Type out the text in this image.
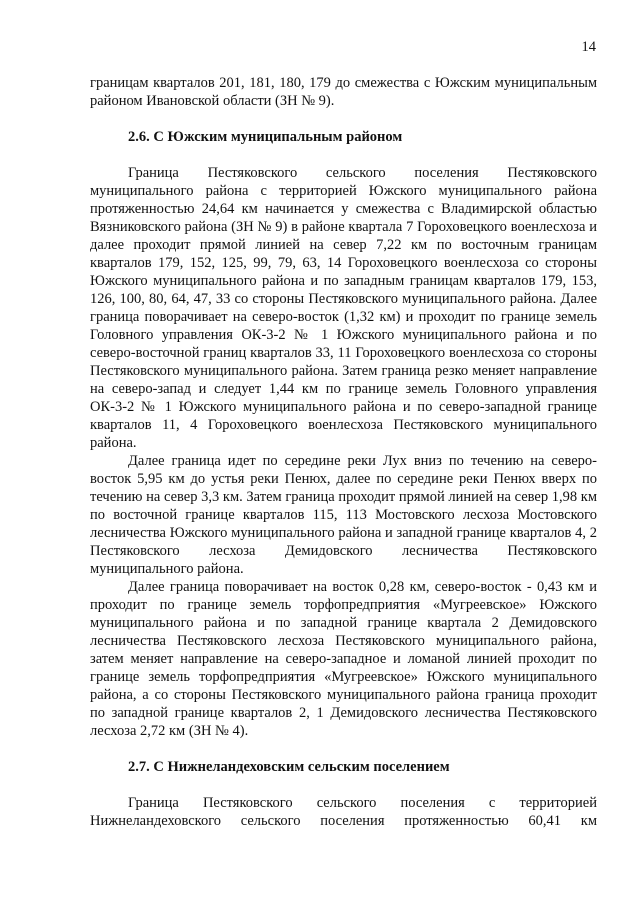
14

границам кварталов 201, 181, 180, 179 до смежества с Южским муниципальным районом Ивановской области (ЗН № 9).

2.6. С Южским муниципальным районом

Граница Пестяковского сельского поселения Пестяковского муниципального района с территорией Южского муниципального района протяженностью 24,64 км начинается у смежества с Владимирской областью Вязниковского района (ЗН № 9) в районе квартала 7 Гороховецкого военлесхоза и далее проходит прямой линией на север 7,22 км по восточным границам кварталов 179, 152, 125, 99, 79, 63, 14 Гороховецкого военлесхоза со стороны Южского муниципального района и по западным границам кварталов 179, 153, 126, 100, 80, 64, 47, 33 со стороны Пестяковского муниципального района. Далее граница поворачивает на северо-восток (1,32 км) и проходит по границе земель Головного управления ОК-3-2 № 1 Южского муниципального района и по северо-восточной границ кварталов 33, 11 Гороховецкого военлесхоза со стороны Пестяковского муниципального района. Затем граница резко меняет направление на северо-запад и следует 1,44 км по границе земель Головного управления ОК-3-2 № 1 Южского муниципального района и по северо-западной границе кварталов 11, 4 Гороховецкого военлесхоза Пестяковского муниципального района.

Далее граница идет по середине реки Лух вниз по течению на северо-восток 5,95 км до устья реки Пенюх, далее по середине реки Пенюх вверх по течению на север 3,3 км. Затем граница проходит прямой линией на север 1,98 км по восточной границе кварталов 115, 113 Мостовского лесхоза Мостовского лесничества Южского муниципального района и западной границе кварталов 4, 2 Пестяковского лесхоза Демидовского лесничества Пестяковского муниципального района.

Далее граница поворачивает на восток 0,28 км, северо-восток - 0,43 км и проходит по границе земель торфопредприятия «Мугреевское» Южского муниципального района и по западной границе квартала 2 Демидовского лесничества Пестяковского лесхоза Пестяковского муниципального района, затем меняет направление на северо-западное и ломаной линией проходит по границе земель торфопредприятия «Мугреевское» Южского муниципального района, а со стороны Пестяковского муниципального района граница проходит по западной границе кварталов 2, 1 Демидовского лесничества Пестяковского лесхоза 2,72 км (ЗН № 4).

2.7. С Нижнеландеховским сельским поселением

Граница Пестяковского сельского поселения с территорией Нижнеландеховского сельского поселения протяженностью 60,41 км
